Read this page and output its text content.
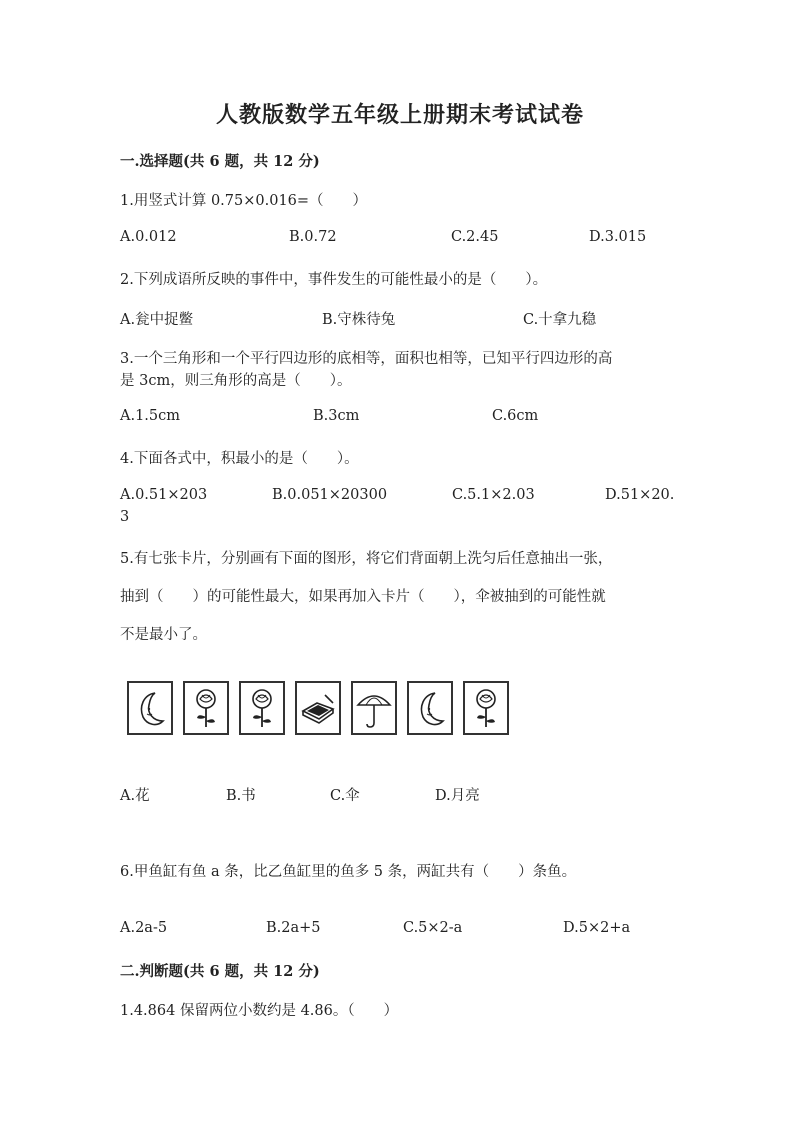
人教版数学五年级上册期末考试试卷
一.选择题(共 6 题，共 12 分)
1.用竖式计算 0.75×0.016=（　　）
A.0.012	B.0.72	C.2.45	D.3.015
2.下列成语所反映的事件中，事件发生的可能性最小的是（　　）。
A.瓮中捉鳖	B.守株待兔	C.十拿九稳
3.一个三角形和一个平行四边形的底相等，面积也相等，已知平行四边形的高
是 3cm，则三角形的高是（　　）。
A.1.5cm	B.3cm	C.6cm
4.下面各式中，积最小的是（　　）。
A.0.51×203	B.0.051×20300	C.5.1×2.03	D.51×20.
3
5.有七张卡片，分别画有下面的图形，将它们背面朝上洗匀后任意抽出一张，
抽到（　　）的可能性最大，如果再加入卡片（　　），伞被抽到的可能性就
不是最小了。
A.花	B.书	C.伞	D.月亮
6.甲鱼缸有鱼 a 条，比乙鱼缸里的鱼多 5 条，两缸共有（　　）条鱼。
A.2a-5	B.2a+5	C.5×2-a	D.5×2+a
二.判断题(共 6 题，共 12 分)
1.4.864 保留两位小数约是 4.86。（　　）
